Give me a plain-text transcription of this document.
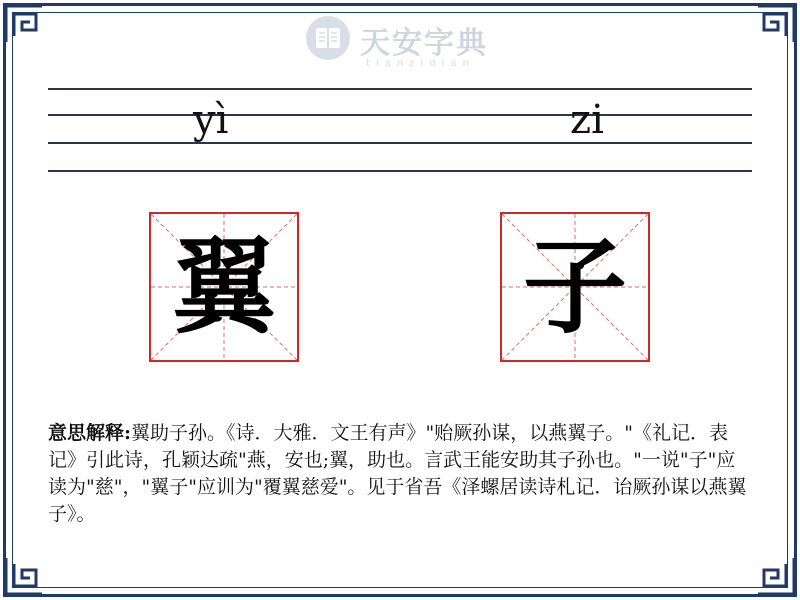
天安字典
tianzidian
yì	zi
翼 子
意思解释:翼助子孙。《诗．大雅．文王有声》"贻厥孙谋，以燕翼子。"《礼记．表记》引此诗，孔颖达疏"燕，安也;翼，助也。言武王能安助其子孙也。"一说"子"应读为"慈"，"翼子"应训为"覆翼慈爱"。见于省吾《泽螺居读诗札记．诒厥孙谋以燕翼子》。
